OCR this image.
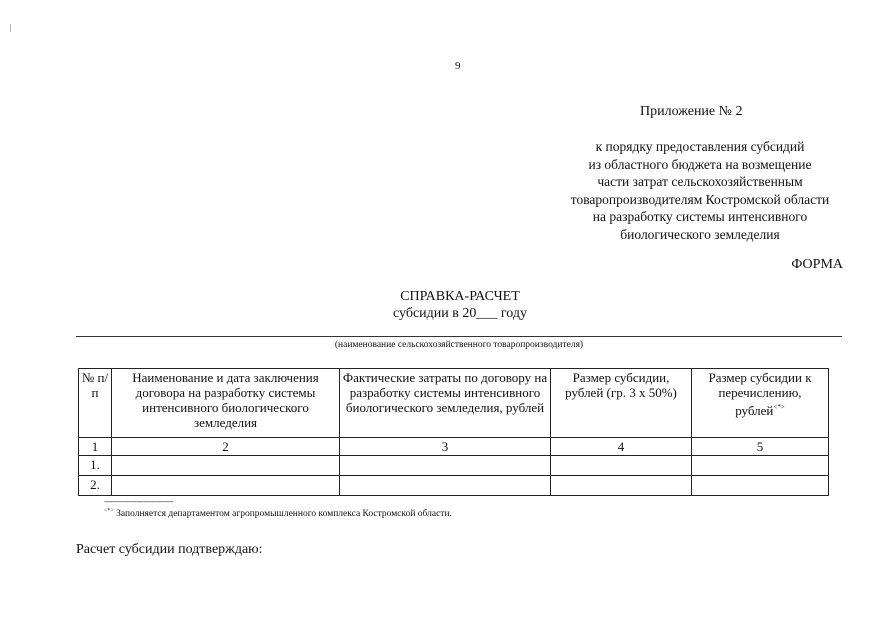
9
Приложение № 2
к порядку предоставления субсидий
из областного бюджета на возмещение
части затрат сельскохозяйственным
товаропроизводителям Костромской области
на разработку системы интенсивного
биологического земледелия
ФОРМА
СПРАВКА-РАСЧЕТ
субсидии в 20___ году
(наименование сельскохозяйственного товаропроизводителя)
№ п/п	Наименование и дата заключения договора на разработку системы интенсивного биологического земледелия	Фактические затраты по договору на разработку системы интенсивного биологического земледелия, рублей	Размер субсидии, рублей (гр. 3 х 50%)	Размер субсидии к перечислению, рублей<*>
1	2	3	4	5
1.				
2.				
--------------------------------
<*> Заполняется департаментом агропромышленного комплекса Костромской области.
Расчет субсидии подтверждаю:
